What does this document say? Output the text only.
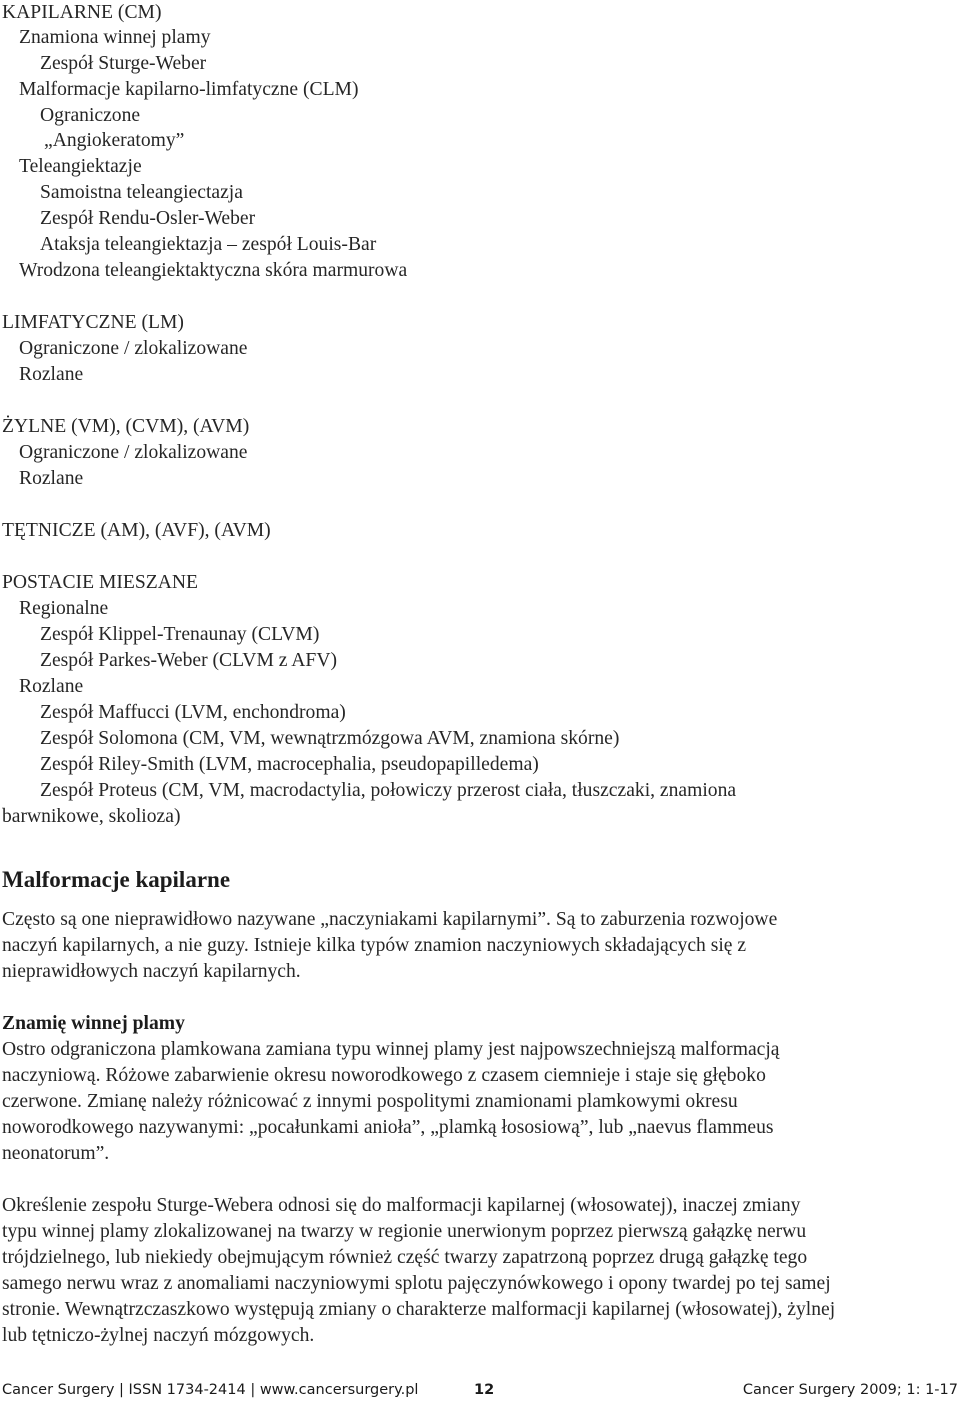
KAPILARNE (CM)
Znamiona winnej plamy
Zespół Sturge-Weber
Malformacje kapilarno-limfatyczne (CLM)
Ograniczone
„Angiokeratomy”
Teleangiektazje
Samoistna teleangiectazja
Zespół Rendu-Osler-Weber
Ataksja teleangiektazja – zespół Louis-Bar
Wrodzona teleangiektaktyczna skóra marmurowa
LIMFATYCZNE (LM)
Ograniczone / zlokalizowane
Rozlane
ŻYLNE (VM), (CVM), (AVM)
Ograniczone / zlokalizowane
Rozlane
TĘTNICZE (AM), (AVF), (AVM)
POSTACIE MIESZANE
Regionalne
Zespół Klippel-Trenaunay (CLVM)
Zespół Parkes-Weber (CLVM z AFV)
Rozlane
Zespół Maffucci (LVM, enchondroma)
Zespół Solomona (CM, VM, wewnątrzmózgowa AVM, znamiona skórne)
Zespół Riley-Smith (LVM, macrocephalia, pseudopapilledema)
Zespół Proteus (CM, VM, macrodactylia, połowiczy przerost ciała, tłuszczaki, znamiona
barwnikowe, skolioza)
Malformacje kapilarne
Często są one nieprawidłowo nazywane „naczyniakami kapilarnymi”. Są to zaburzenia rozwojowe
naczyń kapilarnych, a nie guzy. Istnieje kilka typów znamion naczyniowych składających się z
nieprawidłowych naczyń kapilarnych.
Znamię winnej plamy
Ostro odgraniczona plamkowana zamiana typu winnej plamy jest najpowszechniejszą malformacją
naczyniową. Różowe zabarwienie okresu noworodkowego z czasem ciemnieje i staje się głęboko
czerwone. Zmianę należy różnicować z innymi pospolitymi znamionami plamkowymi okresu
noworodkowego nazywanymi: „pocałunkami anioła”, „plamką łososiową”, lub „naevus flammeus
neonatorum”.
Określenie zespołu Sturge-Webera odnosi się do malformacji kapilarnej (włosowatej), inaczej zmiany
typu winnej plamy zlokalizowanej na twarzy w regionie unerwionym poprzez pierwszą gałązkę nerwu
trójdzielnego, lub niekiedy obejmującym również część twarzy zapatrzoną poprzez drugą gałązkę tego
samego nerwu wraz z anomaliami naczyniowymi splotu pajęczynówkowego i opony twardej po tej samej
stronie. Wewnątrzczaszkowo występują zmiany o charakterze malformacji kapilarnej (włosowatej), żylnej
lub tętniczo-żylnej naczyń mózgowych.
Cancer Surgery | ISSN 1734-2414 | www.cancersurgery.pl	12	Cancer Surgery 2009; 1: 1-17
